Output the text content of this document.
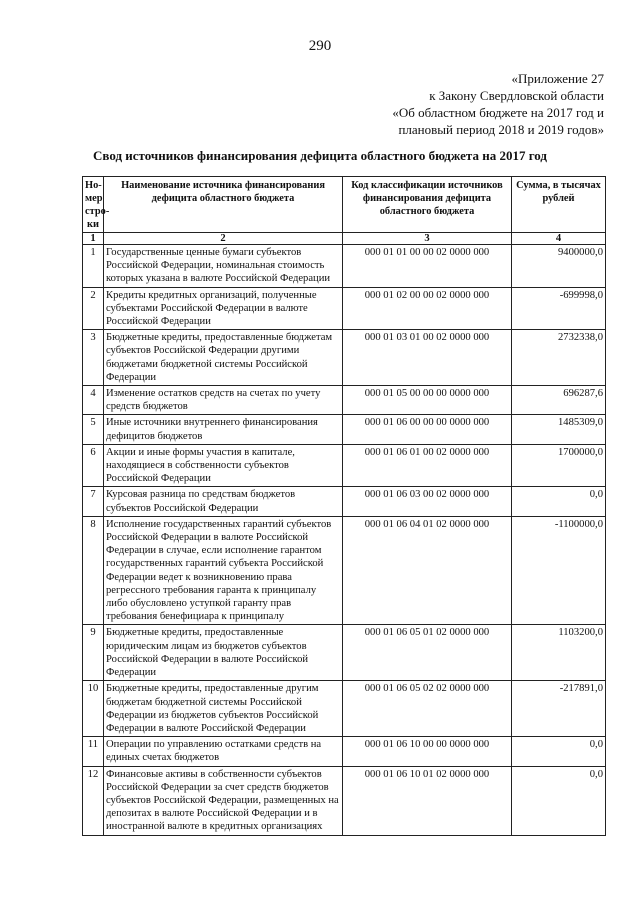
290
«Приложение 27
к Закону Свердловской области
«Об областном бюджете на 2017 год и
плановый период 2018 и 2019 годов»
Свод источников финансирования дефицита областного бюджета на 2017 год
Но-мер стро-ки	Наименование источника финансирования дефицита областного бюджета	Код классификации источников финансирования дефицита областного бюджета	Сумма, в тысячах рублей
1	2	3	4
1	Государственные ценные бумаги субъектов Российской Федерации, номинальная стоимость которых указана в валюте Российской Федерации	000 01 01 00 00 02 0000 000	9400000,0
2	Кредиты кредитных организаций, полученные субъектами Российской Федерации в валюте Российской Федерации	000 01 02 00 00 02 0000 000	-699998,0
3	Бюджетные кредиты, предоставленные бюджетам субъектов Российской Федерации другими бюджетами бюджетной системы Российской Федерации	000 01 03 01 00 02 0000 000	2732338,0
4	Изменение остатков средств на счетах по учету средств бюджетов	000 01 05 00 00 00 0000 000	696287,6
5	Иные источники внутреннего финансирования дефицитов бюджетов	000 01 06 00 00 00 0000 000	1485309,0
6	Акции и иные формы участия в капитале, находящиеся в собственности субъектов Российской Федерации	000 01 06 01 00 02 0000 000	1700000,0
7	Курсовая разница по средствам бюджетов субъектов Российской Федерации	000 01 06 03 00 02 0000 000	0,0
8	Исполнение государственных гарантий субъектов Российской Федерации в валюте Российской Федерации в случае, если исполнение гарантом государственных гарантий субъекта Российской Федерации ведет к возникновению права регрессного требования гаранта к принципалу либо обусловлено уступкой гаранту прав требования бенефициара к принципалу	000 01 06 04 01 02 0000 000	-1100000,0
9	Бюджетные кредиты, предоставленные юридическим лицам из бюджетов субъектов Российской Федерации в валюте Российской Федерации	000 01 06 05 01 02 0000 000	1103200,0
10	Бюджетные кредиты, предоставленные другим бюджетам бюджетной системы Российской Федерации из бюджетов субъектов Российской Федерации в валюте Российской Федерации	000 01 06 05 02 02 0000 000	-217891,0
11	Операции по управлению остатками средств на единых счетах бюджетов	000 01 06 10 00 00 0000 000	0,0
12	Финансовые активы в собственности субъектов Российской Федерации за счет средств бюджетов субъектов Российской Федерации, размещенных на депозитах в валюте Российской Федерации и в иностранной валюте в кредитных организациях	000 01 06 10 01 02 0000 000	0,0
